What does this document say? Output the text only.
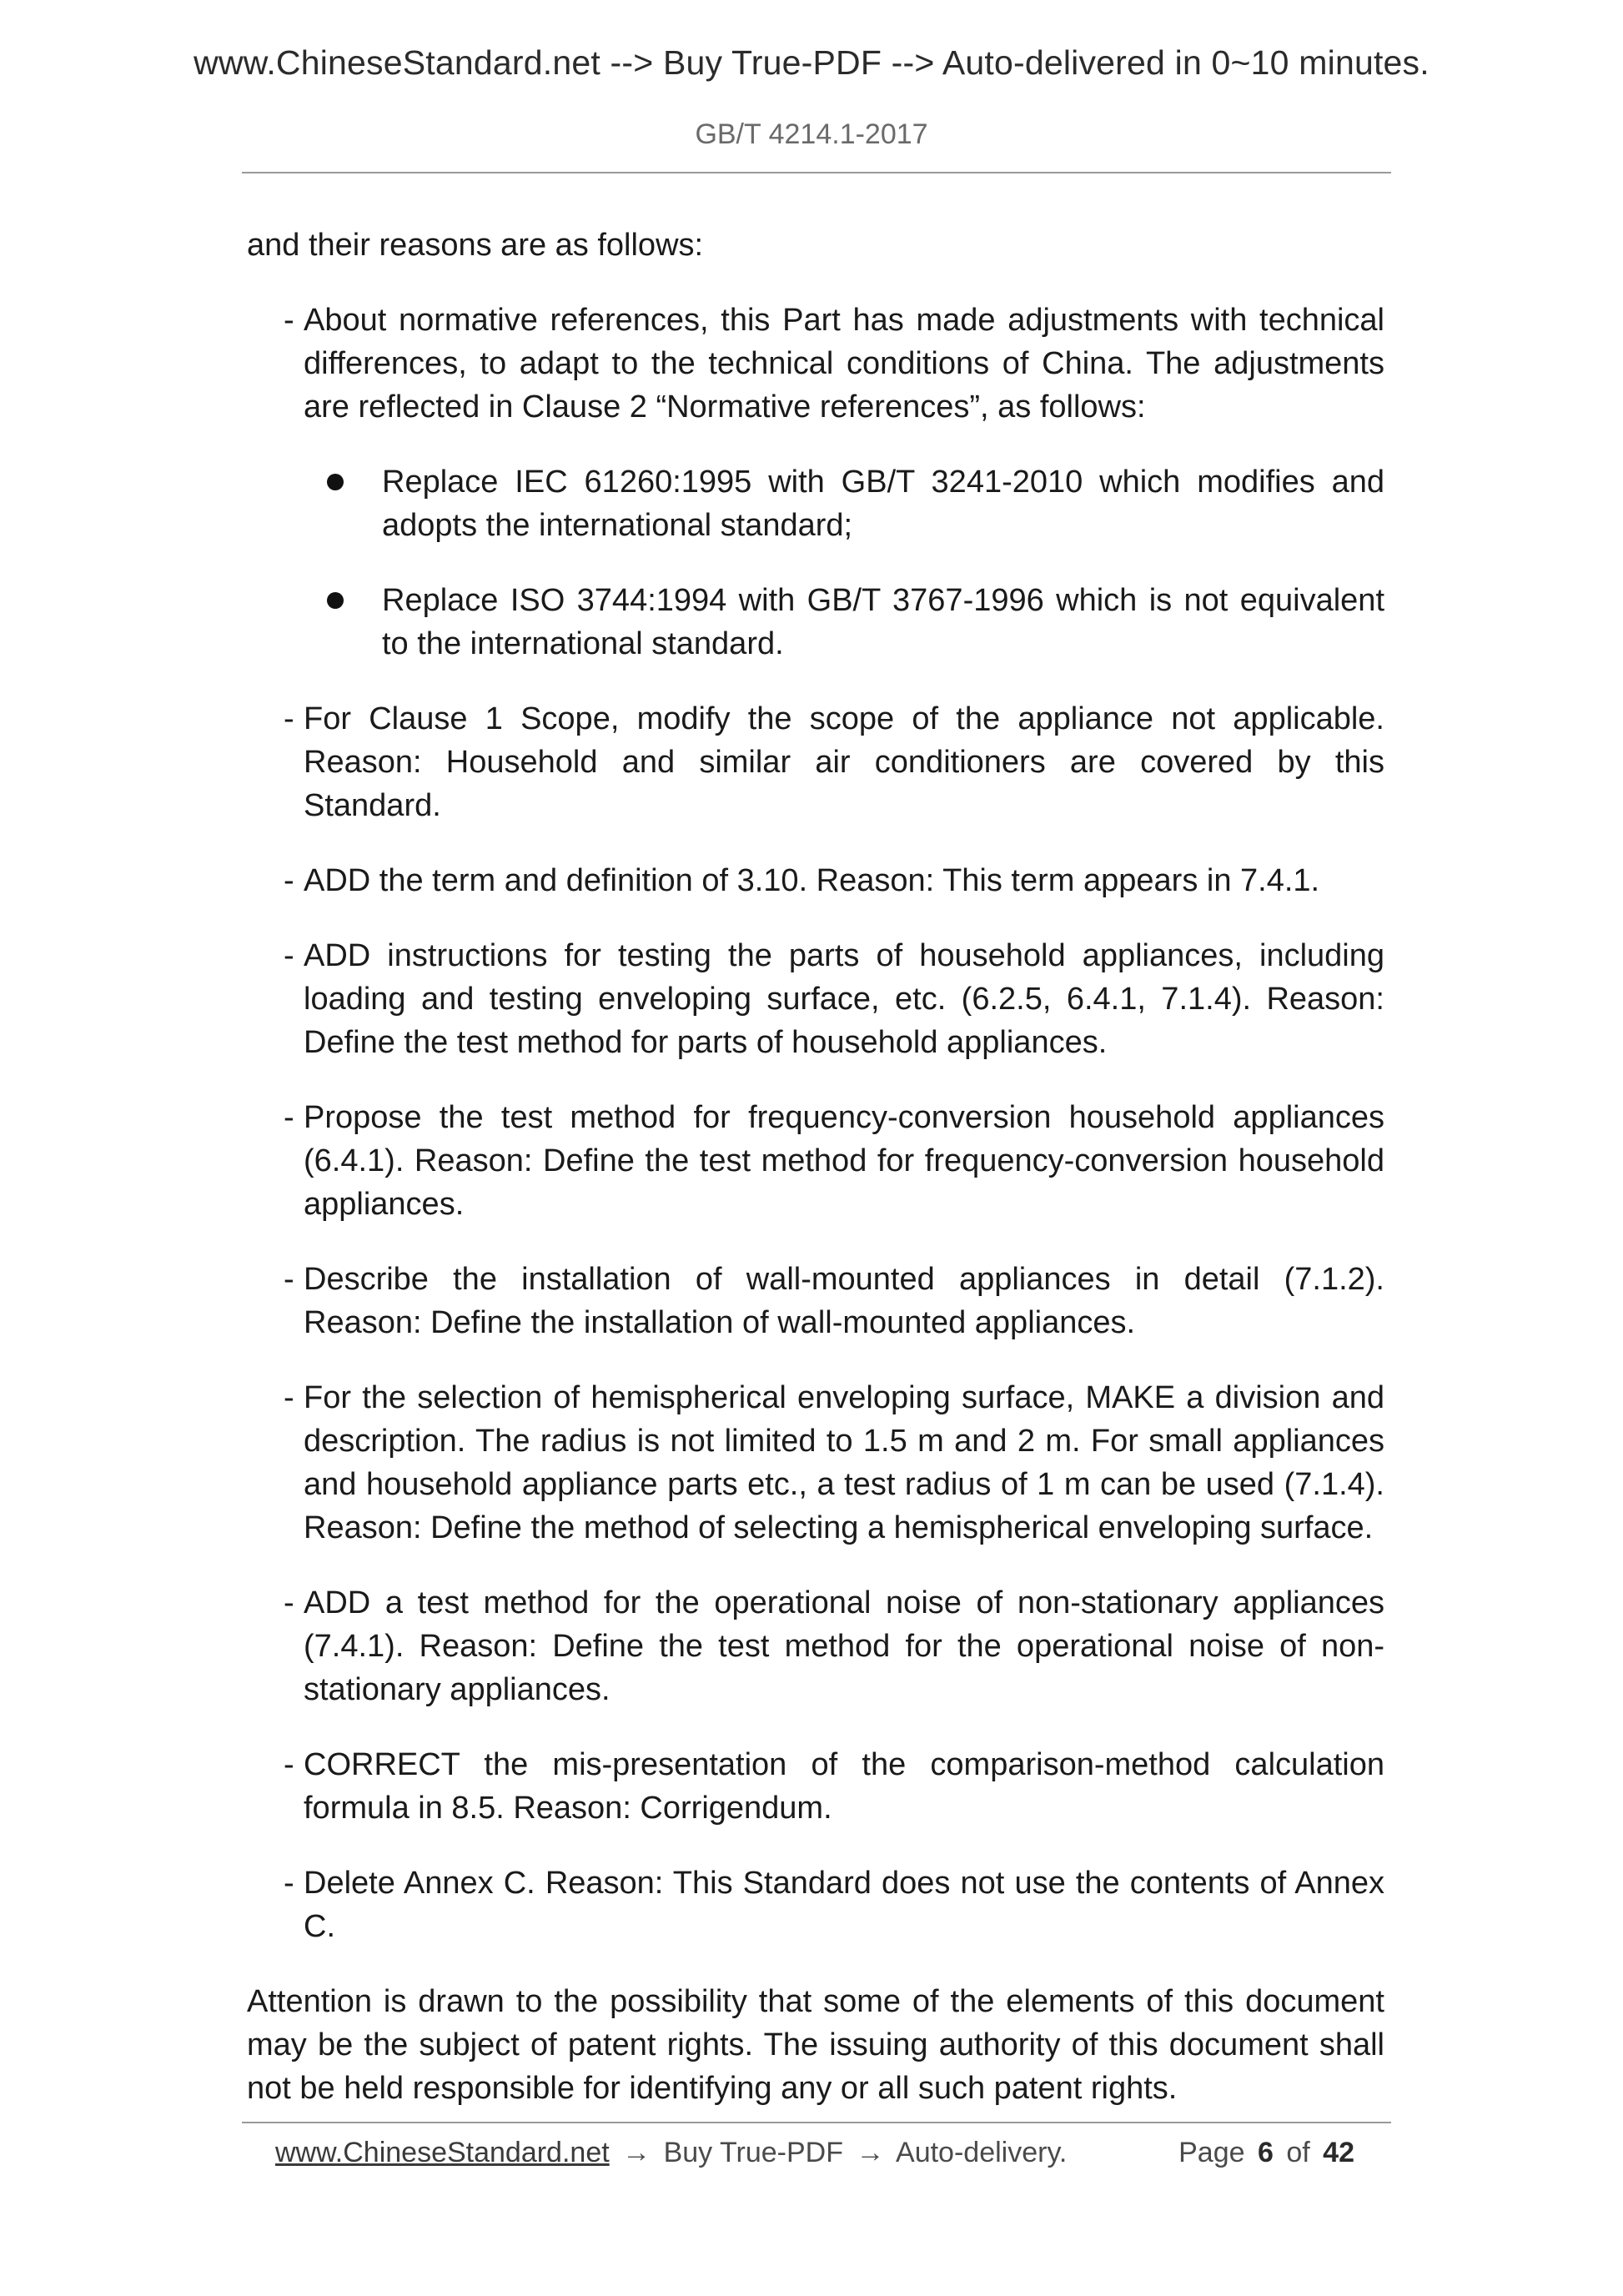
www.ChineseStandard.net --> Buy True-PDF --> Auto-delivered in 0~10 minutes.
GB/T 4214.1-2017

and their reasons are as follows:

- About normative references, this Part has made adjustments with technical differences, to adapt to the technical conditions of China. The adjustments are reflected in Clause 2 “Normative references”, as follows:
Replace IEC 61260:1995 with GB/T 3241-2010 which modifies and adopts the international standard;
Replace ISO 3744:1994 with GB/T 3767-1996 which is not equivalent to the international standard.
- For Clause 1 Scope, modify the scope of the appliance not applicable. Reason: Household and similar air conditioners are covered by this Standard.
- ADD the term and definition of 3.10. Reason: This term appears in 7.4.1.
- ADD instructions for testing the parts of household appliances, including loading and testing enveloping surface, etc. (6.2.5, 6.4.1, 7.1.4). Reason: Define the test method for parts of household appliances.
- Propose the test method for frequency-conversion household appliances (6.4.1). Reason: Define the test method for frequency-conversion household appliances.
- Describe the installation of wall-mounted appliances in detail (7.1.2). Reason: Define the installation of wall-mounted appliances.
- For the selection of hemispherical enveloping surface, MAKE a division and description. The radius is not limited to 1.5 m and 2 m. For small appliances and household appliance parts etc., a test radius of 1 m can be used (7.1.4). Reason: Define the method of selecting a hemispherical enveloping surface.
- ADD a test method for the operational noise of non-stationary appliances (7.4.1). Reason: Define the test method for the operational noise of non-stationary appliances.
- CORRECT the mis-presentation of the comparison-method calculation formula in 8.5. Reason: Corrigendum.
- Delete Annex C. Reason: This Standard does not use the contents of Annex C.

Attention is drawn to the possibility that some of the elements of this document may be the subject of patent rights. The issuing authority of this document shall not be held responsible for identifying any or all such patent rights.

www.ChineseStandard.net → Buy True-PDF → Auto-delivery.	Page 6 of 42
